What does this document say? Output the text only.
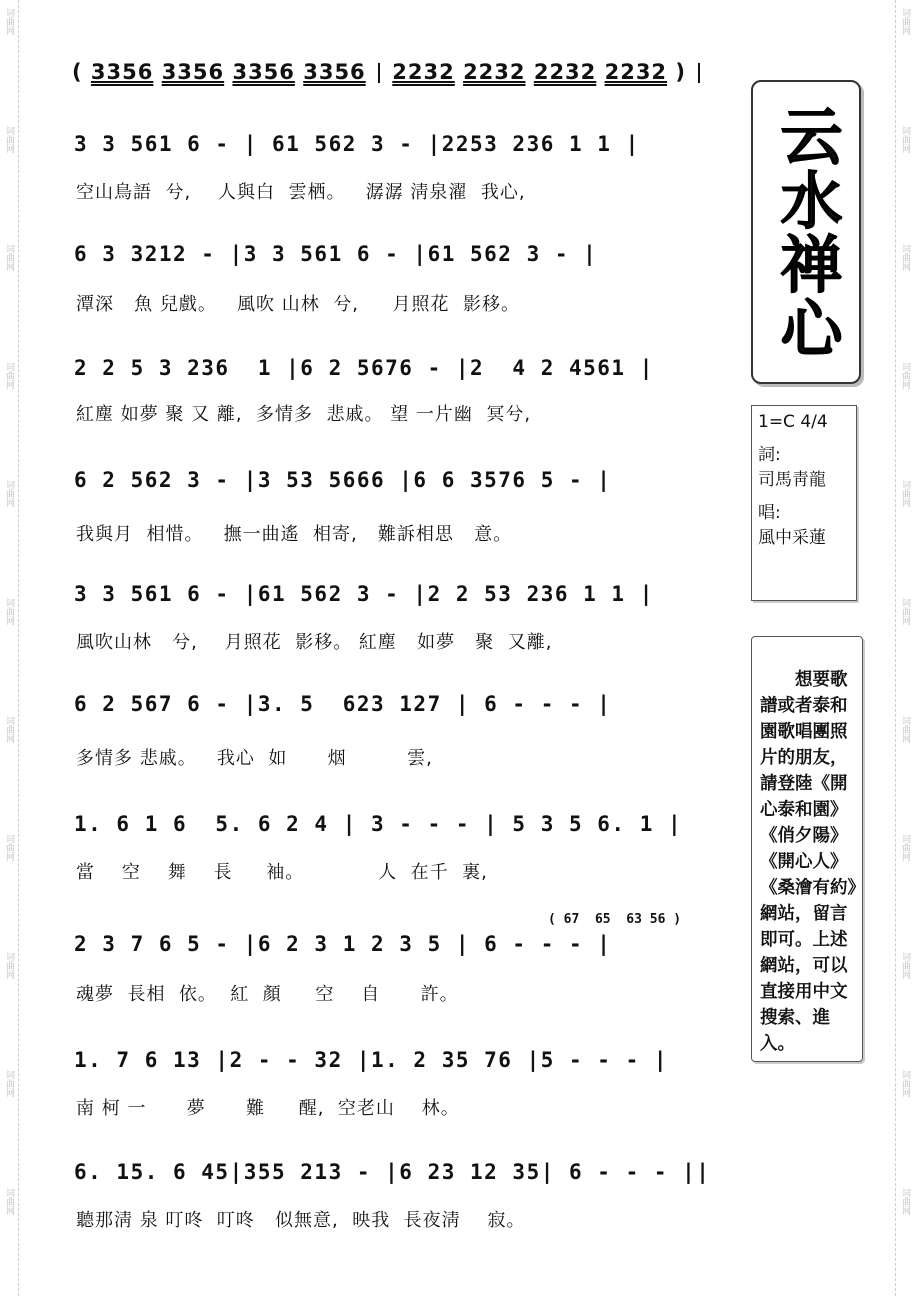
词曲网
词曲网
词曲网
词曲网
词曲网
词曲网
词曲网
词曲网
词曲网
词曲网
词曲网
词曲网
词曲网
词曲网
词曲网
词曲网
词曲网
词曲网
词曲网
词曲网
词曲网
词曲网
( 3356 3356 3356 3356 2232 2232 2232 2232 )
3 3 561 6 - | 61 562 3 - |2253 236 1 1 |
空山鳥語  兮,    人與白  雲栖。   潺潺 淸泉濯  我心,
6 3 3212 - |3 3 561 6 - |61 562 3 - |
潭深   魚 兒戲。   風吹 山林  兮,     月照花  影移。
2 2 5 3 236  1 |6 2 5676 - |2  4 2 4561 |
紅塵 如夢 聚 又 離,  多情多  悲戚。 望 一片幽  冥兮,
6 2 562 3 - |3 53 5666 |6 6 3576 5 - |
我與月  相惜。   撫一曲遙  相寄,   難訴相思   意。
3 3 561 6 - |61 562 3 - |2 2 53 236 1 1 |
風吹山林   兮,    月照花  影移。 紅塵   如夢   聚  又離,
6 2 567 6 - |3. 5  623 127 | 6 - - - |
多情多 悲戚。   我心  如      烟         雲,
1. 6 1 6  5. 6 2 4 | 3 - - - | 5 3 5 6. 1 |
當    空    舞    長     袖。           人  在千  裏,
( 67  65  63 56 )
2 3 7 6 5 - |6 2 3 1 2 3 5 | 6 - - - |
魂夢  長相  依。  紅  顏     空    自      許。
1. 7 6 13 |2 - - 32 |1. 2 35 76 |5 - - - |
南 柯 一      夢      難     醒,  空老山    林。
6. 15. 6 45|355 213 - |6 23 12 35| 6 - - - ||
聽那淸 泉 叮咚  叮咚   似無意,  映我  長夜淸    寂。
云水禅心
1=C 4/4
詞:
司馬靑龍
唱:
風中采蓮
想要歌譜或者泰和園歌唱團照片的朋友，請登陸《開心泰和園》《俏夕陽》《開心人》《桑澮有約》網站，留言即可。上述網站，可以直接用中文搜索、進入。
